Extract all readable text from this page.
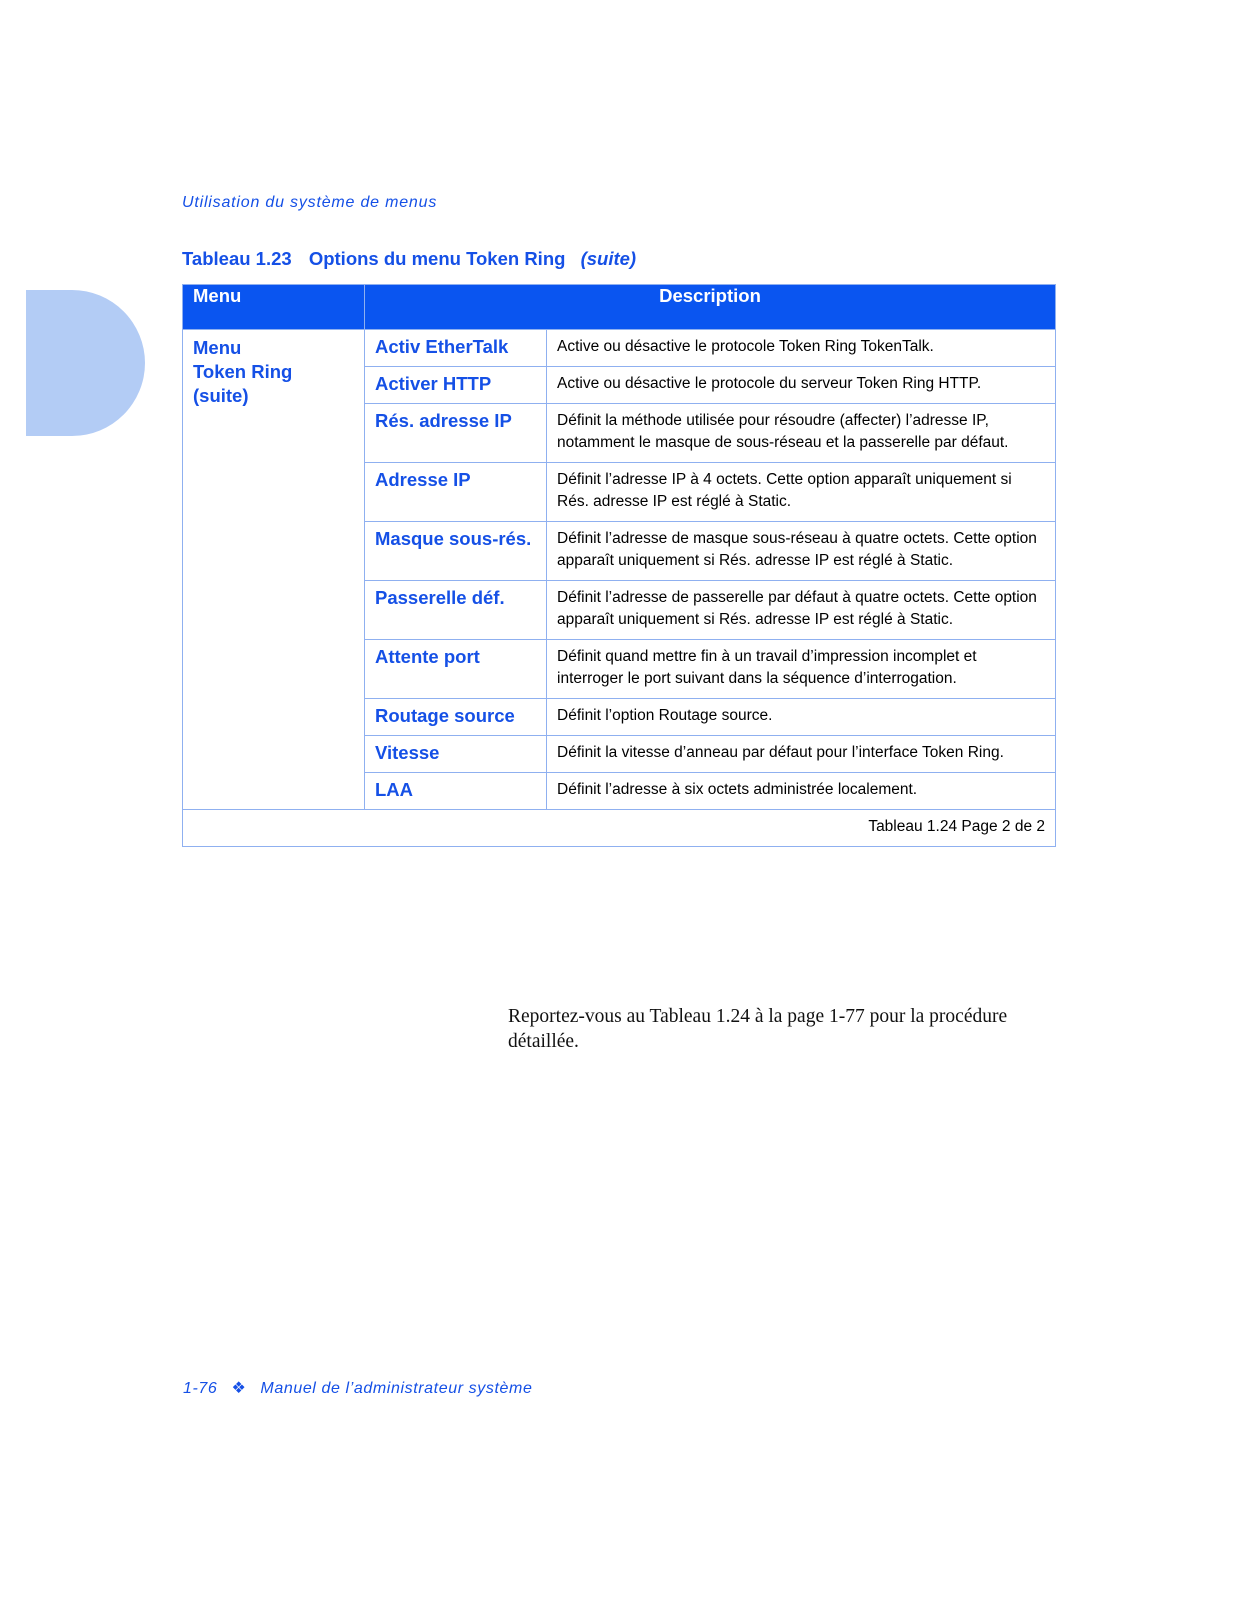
Utilisation du système de menus
Tableau 1.23 Options du menu Token Ring (suite)
Menu	Description	

Menu
Token Ring
(suite)	Activ EtherTalk	Active ou désactive le protocole Token Ring TokenTalk.
	Activer HTTP	Active ou désactive le protocole du serveur Token Ring HTTP.
	Rés. adresse IP	Définit la méthode utilisée pour résoudre (affecter) l’adresse IP, notamment le masque de sous-réseau et la passerelle par défaut.
	Adresse IP	Définit l’adresse IP à 4 octets. Cette option apparaît uniquement si Rés. adresse IP est réglé à Static.
	Masque sous-rés.	Définit l’adresse de masque sous-réseau à quatre octets. Cette option apparaît uniquement si Rés. adresse IP est réglé à Static.
	Passerelle déf.	Définit l’adresse de passerelle par défaut à quatre octets. Cette option apparaît uniquement si Rés. adresse IP est réglé à Static.
	Attente port	Définit quand mettre fin à un travail d’impression incomplet et interroger le port suivant dans la séquence d’interrogation.
	Routage source	Définit l’option Routage source.
	Vitesse	Définit la vitesse d’anneau par défaut pour l’interface Token Ring.
	LAA	Définit l’adresse à six octets administrée localement.
Tableau 1.24 Page 2 de 2		
Reportez-vous au Tableau 1.24 à la page 1-77 pour la procédure détaillée.
1-76 ❖ Manuel de l’administrateur système
